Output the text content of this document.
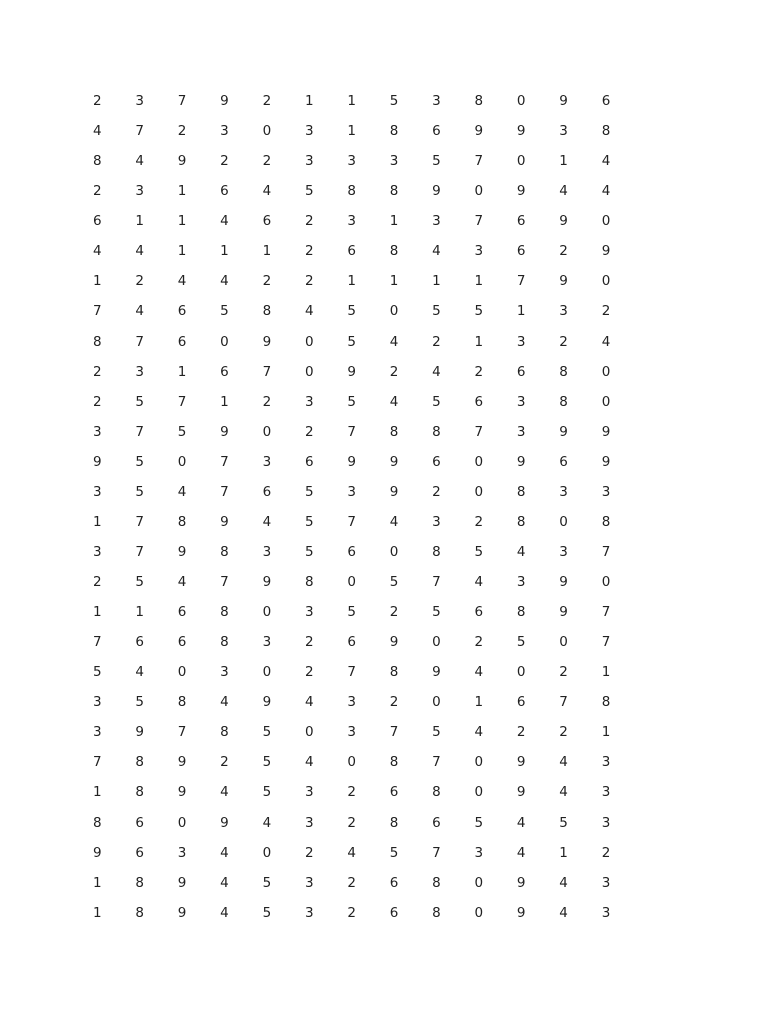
2	3	7	9	2	1	1	5	3	8	0	9	6
4	7	2	3	0	3	1	8	6	9	9	3	8
8	4	9	2	2	3	3	3	5	7	0	1	4
2	3	1	6	4	5	8	8	9	0	9	4	4
6	1	1	4	6	2	3	1	3	7	6	9	0
4	4	1	1	1	2	6	8	4	3	6	2	9
1	2	4	4	2	2	1	1	1	1	7	9	0
7	4	6	5	8	4	5	0	5	5	1	3	2
8	7	6	0	9	0	5	4	2	1	3	2	4
2	3	1	6	7	0	9	2	4	2	6	8	0
2	5	7	1	2	3	5	4	5	6	3	8	0
3	7	5	9	0	2	7	8	8	7	3	9	9
9	5	0	7	3	6	9	9	6	0	9	6	9
3	5	4	7	6	5	3	9	2	0	8	3	3
1	7	8	9	4	5	7	4	3	2	8	0	8
3	7	9	8	3	5	6	0	8	5	4	3	7
2	5	4	7	9	8	0	5	7	4	3	9	0
1	1	6	8	0	3	5	2	5	6	8	9	7
7	6	6	8	3	2	6	9	0	2	5	0	7
5	4	0	3	0	2	7	8	9	4	0	2	1
3	5	8	4	9	4	3	2	0	1	6	7	8
3	9	7	8	5	0	3	7	5	4	2	2	1
7	8	9	2	5	4	0	8	7	0	9	4	3
1	8	9	4	5	3	2	6	8	0	9	4	3
8	6	0	9	4	3	2	8	6	5	4	5	3
9	6	3	4	0	2	4	5	7	3	4	1	2
1	8	9	4	5	3	2	6	8	0	9	4	3
1	8	9	4	5	3	2	6	8	0	9	4	3
